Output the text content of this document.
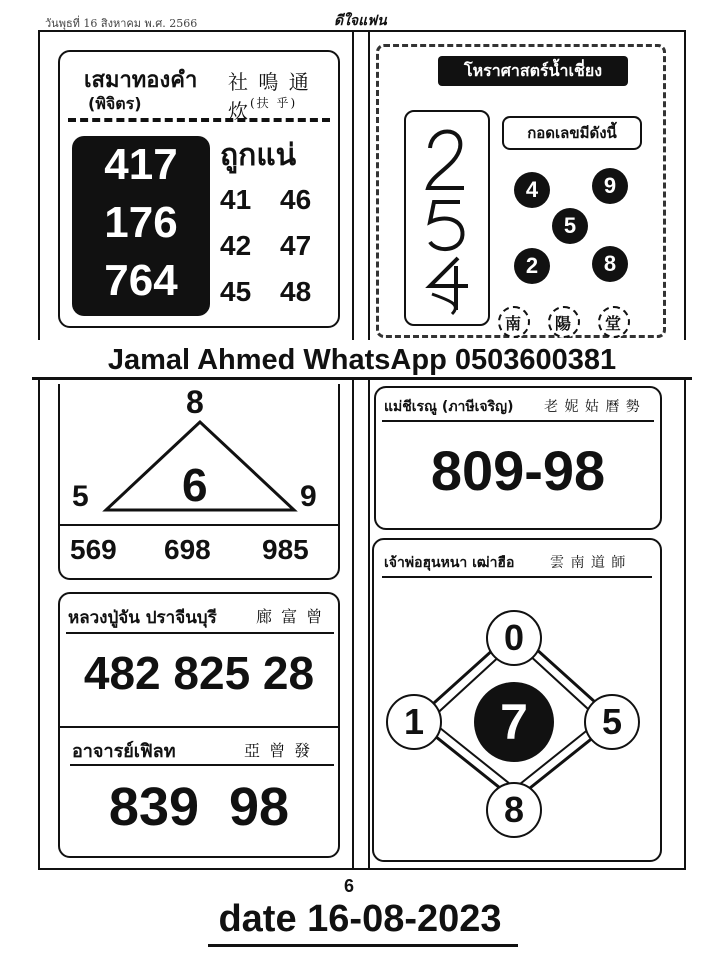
วันพุธที่ 16 สิงหาคม พ.ศ. 2566	ดีใจแฟน
เสมาทองคำ
(พิจิตร)
社 鳴 通 炊 (扶 乎)
ถูกแน่
417
176
764
41 46
42 47
45 48
โหราศาสตร์น้ำเชี่ยง
กอดเลขมีดังนี้
4	9
5
2	8
南	陽	堂
Jamal Ahmed WhatsApp 0503600381
8
6
5	9
569 698 985
แม่ชีเรณู (ภาษีเจริญ) 老 妮 姑 曆 勢
809-98
หลวงปู่จัน ปราจีนบุรี 廊 富 曾
482 825 28
อาจารย์เฟิลท	亞 曾 發
839  98
เจ้าพ่อฮุนหนา เฒ่าฮือ	雲 南 道 師
0
1	7	5
8
6
date 16-08-2023
